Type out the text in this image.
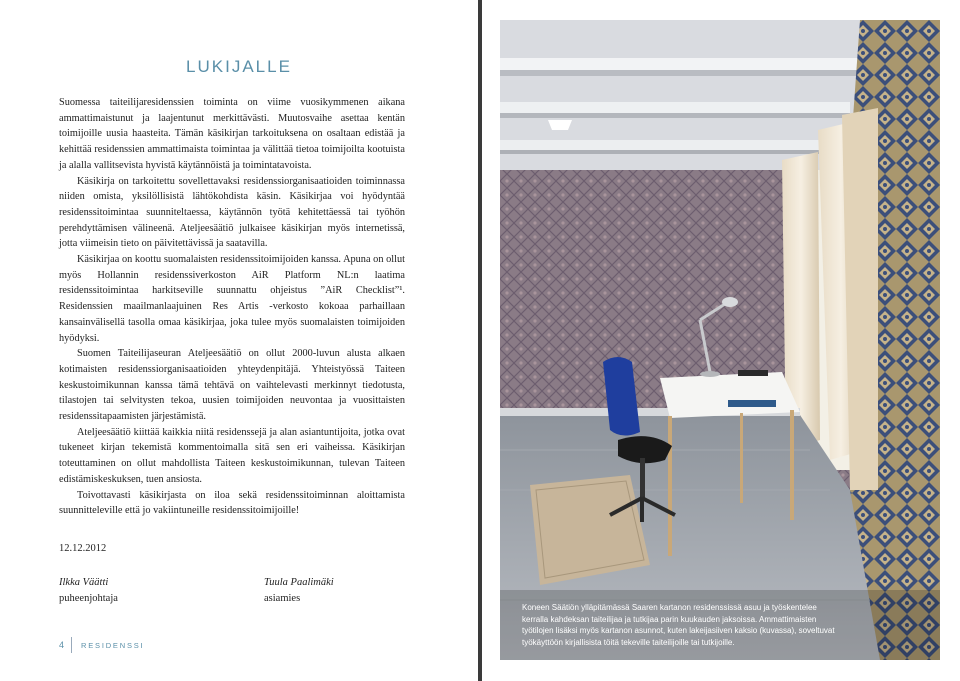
LUKIJALLE

Suomessa taiteilijaresidenssien toiminta on viime vuosikymmenen aikana ammattimaistunut ja laajentunut merkittävästi. Muutosvaihe asettaa kentän toimijoille uusia haasteita. Tämän käsikirjan tarkoituksena on osaltaan edistää ja kehittää residenssien ammattimaista toimintaa ja välittää tietoa toimijoilta kootuista ja alalla vallitsevista hyvistä käytännöistä ja toimintatavoista.

Käsikirja on tarkoitettu sovellettavaksi residenssiorganisaatioiden toiminnassa niiden omista, yksilöllisistä lähtökohdista käsin. Käsikirjaa voi hyödyntää residenssitoimintaa suunniteltaessa, käytännön työtä kehitettäessä tai työhön perehdyttämisen välineenä. Ateljeesäätiö julkaisee käsikirjan myös internetissä, jotta viimeisin tieto on päivitettävissä ja saatavilla.

Käsikirjaa on koottu suomalaisten residenssitoimijoiden kanssa. Apuna on ollut myös Hollannin residenssiverkoston AiR Platform NL:n laatima residenssitoimintaa harkitseville suunnattu ohjeistus ”AiR Checklist”¹. Residenssien maailmanlaajuinen Res Artis -verkosto kokoaa parhaillaan kansainvälisellä tasolla omaa käsikirjaa, joka tulee myös suomalaisten toimijoiden hyödyksi.

Suomen Taiteilijaseuran Ateljeesäätiö on ollut 2000-luvun alusta alkaen kotimaisten residenssiorganisaatioiden yhteydenpitäjä. Yhteistyössä Taiteen keskustoimikunnan kanssa tämä tehtävä on vaihtelevasti merkinnyt tiedotusta, tilastojen tai selvitysten tekoa, uusien toimijoiden neuvontaa ja vuosittaisten residenssitapaamisten järjestämistä.

Ateljeesäätiö kiittää kaikkia niitä residenssejä ja alan asiantuntijoita, jotka ovat tukeneet kirjan tekemistä kommentoimalla sitä sen eri vaiheissa. Käsikirjan toteuttaminen on ollut mahdollista Taiteen keskustoimikunnan, tulevan Taiteen edistämiskeskuksen, tuen ansiosta.

Toivottavasti käsikirjasta on iloa sekä residenssitoiminnan aloittamista suunnitteleville että jo vakiintuneille residenssitoimijoille!

12.12.2012
Ilkka Väätti
puheenjohtaja
Tuula Paalimäki
asiamies
4 RESIDENSSI
Koneen Säätiön ylläpitämässä Saaren kartanon residenssissä asuu ja työskentelee kerralla kahdeksan taiteilijaa ja tutkijaa parin kuukauden jaksoissa. Ammattimaisten työtilojen lisäksi myös kartanon asunnot, kuten lakeijasiiven kaksio (kuvassa), soveltuvat työkäyttöön kirjallisista töitä tekeville taiteilijoille tai tutkijoille.
